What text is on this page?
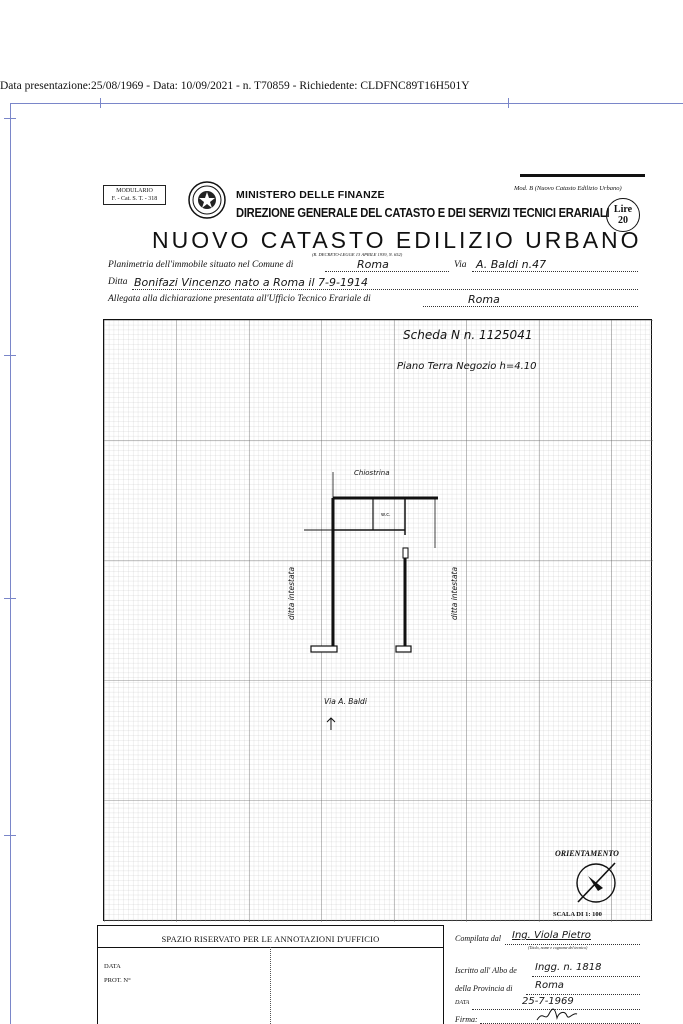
Data presentazione:25/08/1969 - Data: 10/09/2021 - n. T70859 - Richiedente: CLDFNC89T16H501Y
MODULARIO
F. - Cat. S. T. - 318	MINISTERO DELLE FINANZE
Mod. B (Nuovo Catasto Edilizio Urbano)
DIREZIONE GENERALE DEL CATASTO E DEI SERVIZI TECNICI ERARIALI Lire
20
NUOVO CATASTO EDILIZIO URBANO
(R. DECRETO-LEGGE 13 APRILE 1939, N. 652)
Planimetria dell'immobile situato nel Comune di	Roma	Via A. Baldi n.47
Ditta Bonifazi Vincenzo nato a Roma il 7-9-1914
Allegata alla dichiarazione presentata all'Ufficio Tecnico Erariale di	Roma
Scheda N n. 1125041
Piano Terra Negozio h=4.10
Chiostrina
w.c.
ditta intestata	ditta intestata
Via A. Baldi
ORIENTAMENTO
SCALA DI 1: 100
SPAZIO RISERVATO PER LE ANNOTAZIONI D'UFFICIO
DATA
PROT. N°
Compilata dal Ing. Viola Pietro
(Titolo, nome e cognome del tecnico)
Iscritto all' Albo de Ingg. n. 1818
della Provincia di Roma
DATA	25-7-1969
Firma:
